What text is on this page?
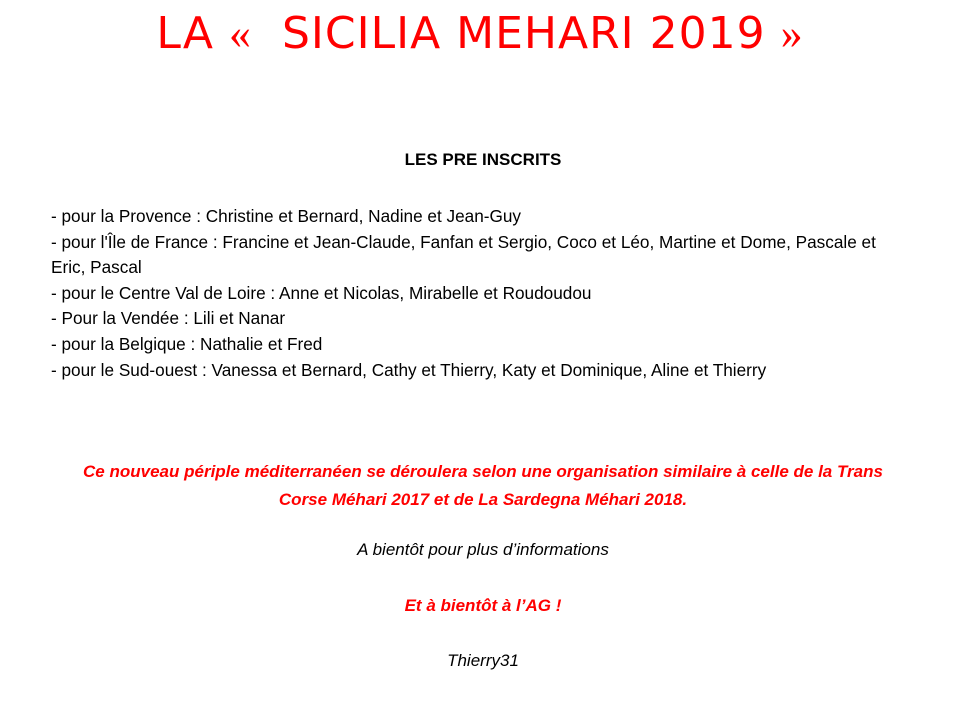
LA «  SICILIA MEHARI 2019 »
LES PRE INSCRITS
- pour la Provence : Christine et Bernard, Nadine et Jean-Guy
- pour l'Île de France : Francine et Jean-Claude, Fanfan et Sergio, Coco et Léo, Martine et Dome, Pascale et Eric, Pascal
- pour le Centre Val de Loire : Anne et Nicolas, Mirabelle et Roudoudou
- Pour la Vendée : Lili et Nanar
- pour la Belgique : Nathalie et Fred
- pour le Sud-ouest : Vanessa et Bernard, Cathy et Thierry, Katy et Dominique, Aline et Thierry
Ce nouveau périple méditerranéen se déroulera selon une organisation similaire à celle de la Trans Corse Méhari 2017 et de La Sardegna Méhari 2018.
A bientôt pour plus d’informations
Et à bientôt à l’AG !
Thierry31
